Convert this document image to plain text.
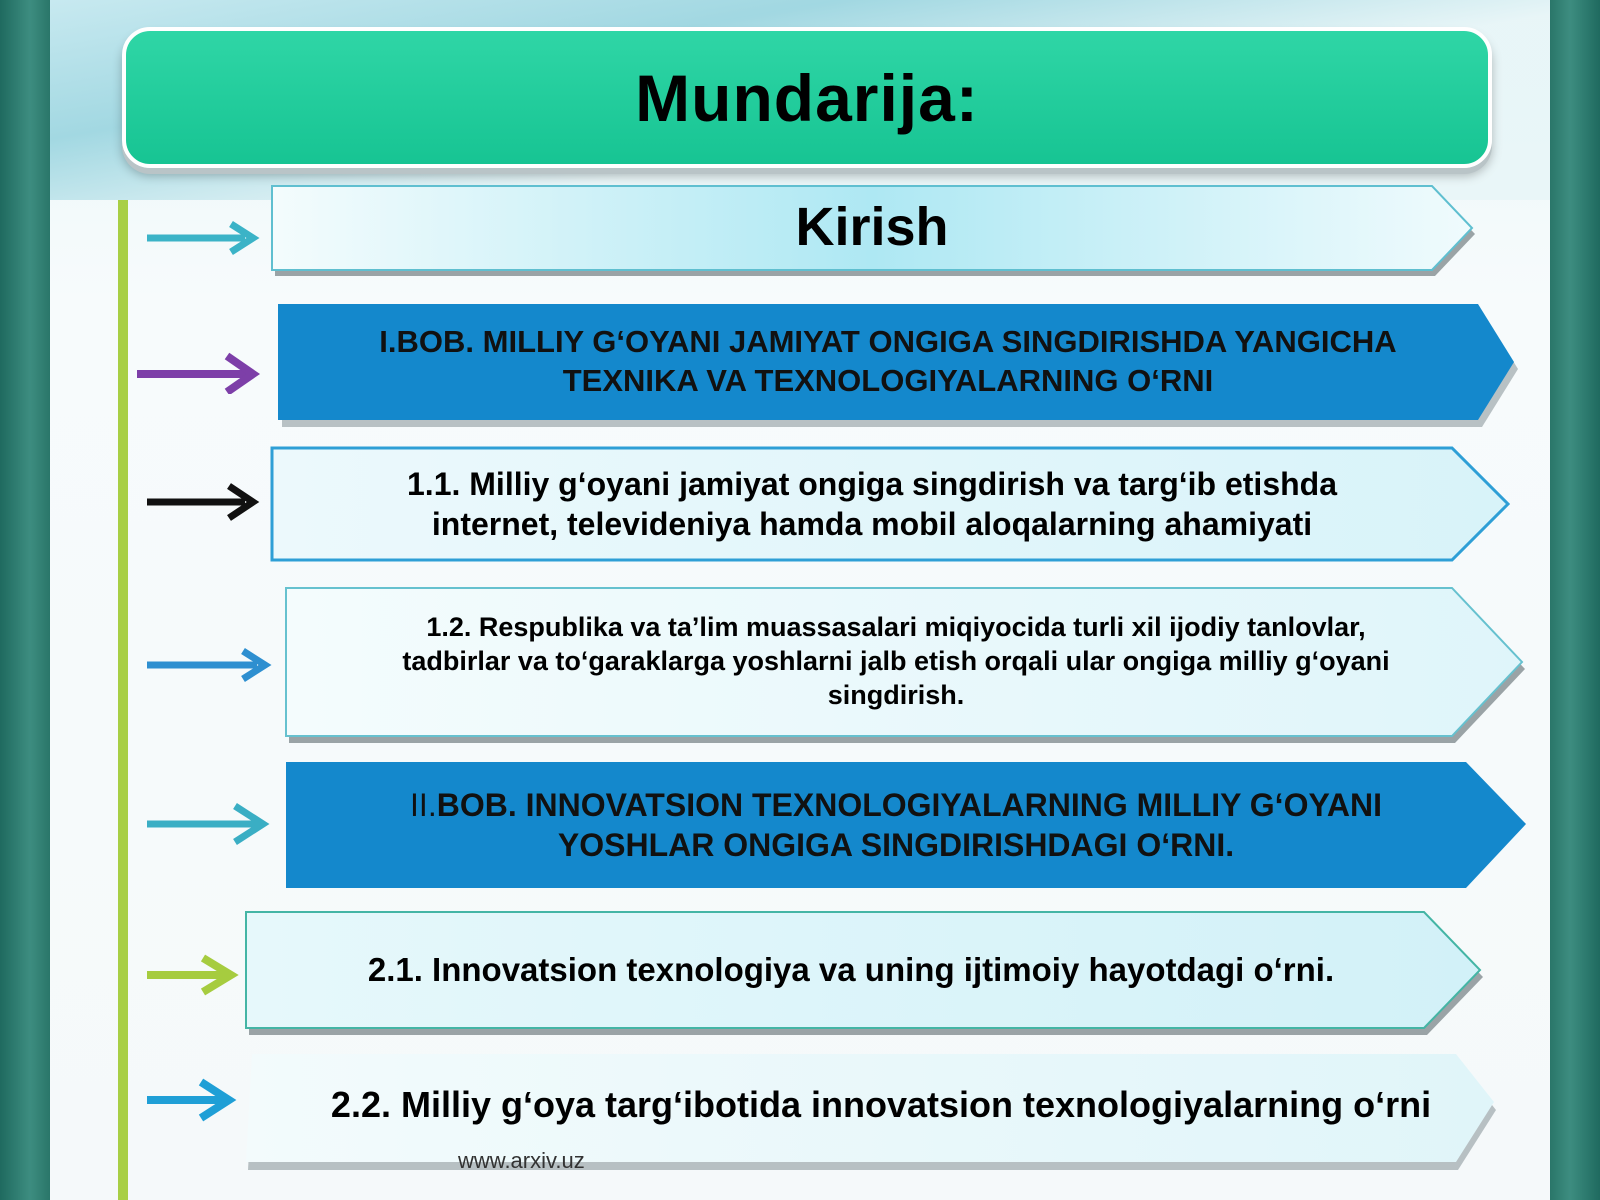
Mundarija:
Kirish
I.BOB. MILLIY G‘OYANI JAMIYAT ONGIGA SINGDIRISHDA YANGICHA
TEXNIKA VA TEXNOLOGIYALARNING O‘RNI
1.1. Milliy g‘oyani jamiyat ongiga singdirish va targ‘ib etishda
internet, televideniya hamda mobil aloqalarning ahamiyati
1.2. Respublika va ta’lim muassasalari miqiyocida turli xil ijodiy tanlovlar,
tadbirlar va to‘garaklarga yoshlarni jalb etish orqali ular ongiga milliy g‘oyani
singdirish.
II.BOB. INNOVATSION TEXNOLOGIYALARNING MILLIY G‘OYANI
YOSHLAR ONGIGA SINGDIRISHDAGI O‘RNI.
2.1. Innovatsion texnologiya va uning ijtimoiy hayotdagi o‘rni.
2.2. Milliy g‘oya targ‘ibotida innovatsion texnologiyalarning o‘rni
www.arxiv.uz
